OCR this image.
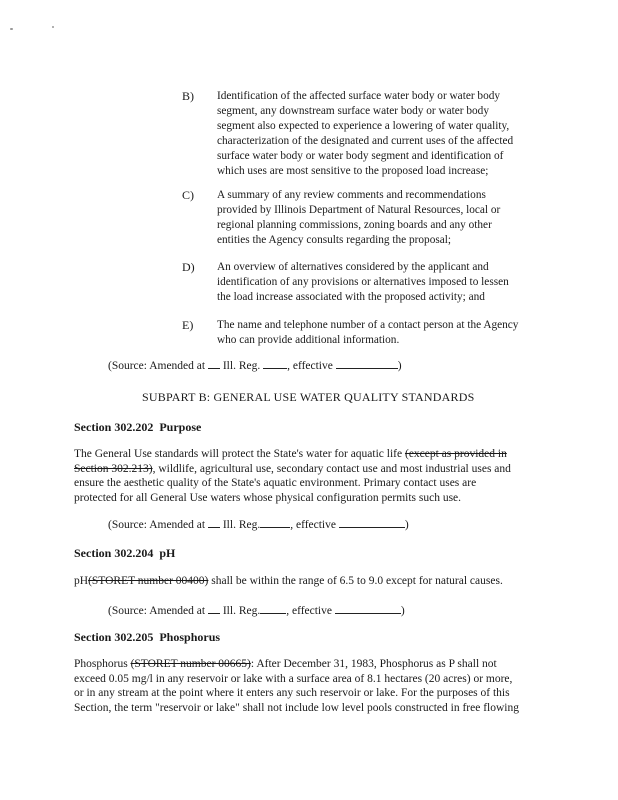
B) Identification of the affected surface water body or water body
segment, any downstream surface water body or water body
segment also expected to experience a lowering of water quality,
characterization of the designated and current uses of the affected
surface water body or water body segment and identification of
which uses are most sensitive to the proposed load increase;
C) A summary of any review comments and recommendations
provided by Illinois Department of Natural Resources, local or
regional planning commissions, zoning boards and any other
entities the Agency consults regarding the proposal;
D) An overview of alternatives considered by the applicant and
identification of any provisions or alternatives imposed to lessen
the load increase associated with the proposed activity; and
E) The name and telephone number of a contact person at the Agency
who can provide additional information.
(Source: Amended at Ill. Reg. , effective	)
SUBPART B: GENERAL USE WATER QUALITY STANDARDS
Section 302.202 Purpose
The General Use standards will protect the State's water for aquatic life (except as provided in
Section 302.213), wildlife, agricultural use, secondary contact use and most industrial uses and
ensure the aesthetic quality of the State's aquatic environment. Primary contact uses are
protected for all General Use waters whose physical configuration permits such use.
(Source: Amended at Ill. Reg.	, effective	)
Section 302.204 pH
pH(STORET number 00400) shall be within the range of 6.5 to 9.0 except for natural causes.
(Source: Amended at Ill. Reg. , effective	)
Section 302.205 Phosphorus
Phosphorus (STORET number 00665): After December 31, 1983, Phosphorus as P shall not
exceed 0.05 mg/l in any reservoir or lake with a surface area of 8.1 hectares (20 acres) or more,
or in any stream at the point where it enters any such reservoir or lake. For the purposes of this
Section, the term "reservoir or lake" shall not include low level pools constructed in free flowing
